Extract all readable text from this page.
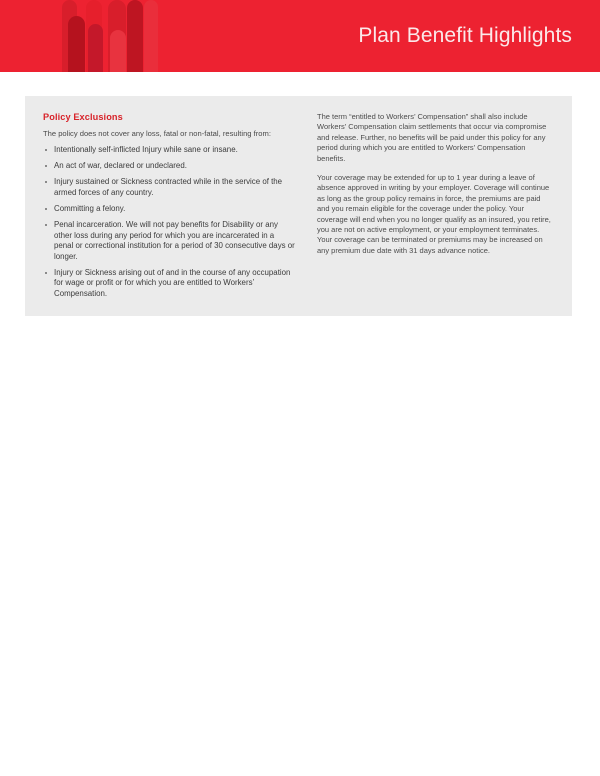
Plan Benefit Highlights
Policy Exclusions

The policy does not cover any loss, fatal or non-fatal, resulting from:

Intentionally self-inflicted Injury while sane or insane.
An act of war, declared or undeclared.
Injury sustained or Sickness contracted while in the service of the armed forces of any country.
Committing a felony.
Penal incarceration. We will not pay benefits for Disability or any other loss during any period for which you are incarcerated in a penal or correctional institution for a period of 30 consecutive days or longer.
Injury or Sickness arising out of and in the course of any occupation for wage or profit or for which you are entitled to Workers’ Compensation.

The term “entitled to Workers’ Compensation” shall also include Workers’ Compensation claim settlements that occur via compromise and release. Further, no benefits will be paid under this policy for any period during which you are entitled to Workers’ Compensation benefits.

Your coverage may be extended for up to 1 year during a leave of absence approved in writing by your employer. Coverage will continue as long as the group policy remains in force, the premiums are paid and you remain eligible for the coverage under the policy. Your coverage will end when you no longer qualify as an insured, you retire, you are not on active employment, or your employment terminates. Your coverage can be terminated or premiums may be increased on any premium due date with 31 days advance notice.
